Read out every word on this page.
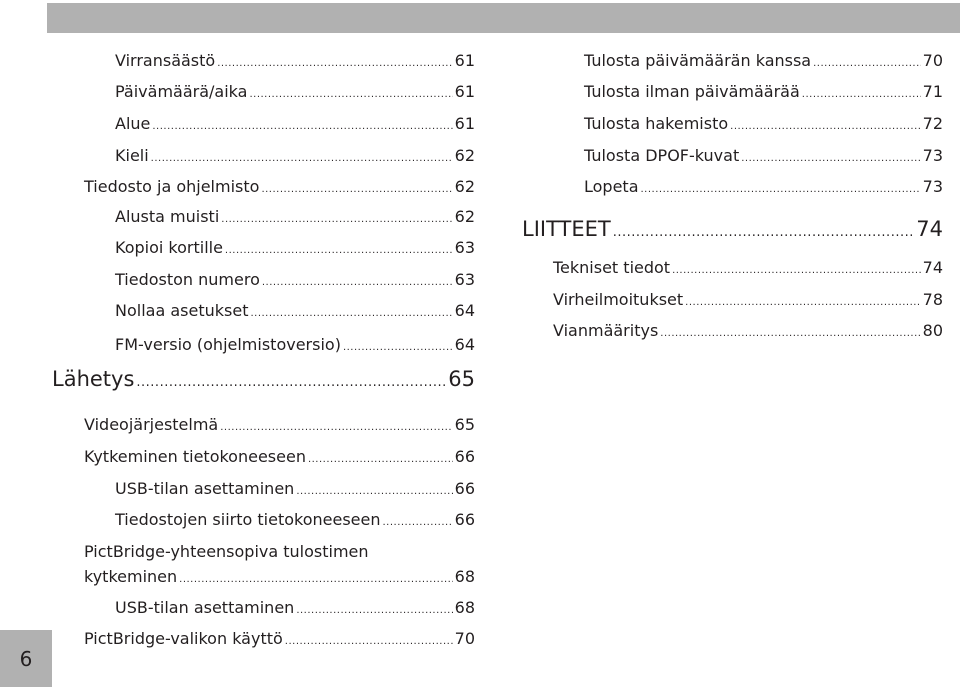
Virransäästö .....	61
Päivämäärä/aika .....	61
Alue .....	61
Kieli .....	62
Tiedosto ja ohjelmisto .....	62
Alusta muisti .....	62
Kopioi kortille .....	63
Tiedoston numero .....	63
Nollaa asetukset .....	64
FM-versio (ohjelmistoversio) .....	64
Lähetys .....	65
Videojärjestelmä .....	65
Kytkeminen tietokoneeseen .....	66
USB-tilan asettaminen .....	66
Tiedostojen siirto tietokoneeseen .....	66
PictBridge-yhteensopiva tulostimen
kytkeminen .....	68
USB-tilan asettaminen .....	68
PictBridge-valikon käyttö .....	70
Tulosta päivämäärän kanssa .....	70
Tulosta ilman päivämäärää .....	71
Tulosta hakemisto .....	72
Tulosta DPOF-kuvat .....	73
Lopeta .....	73
LIITTEET .....	74
Tekniset tiedot .....	74
Virheilmoitukset .....	78
Vianmääritys .....	80
6
